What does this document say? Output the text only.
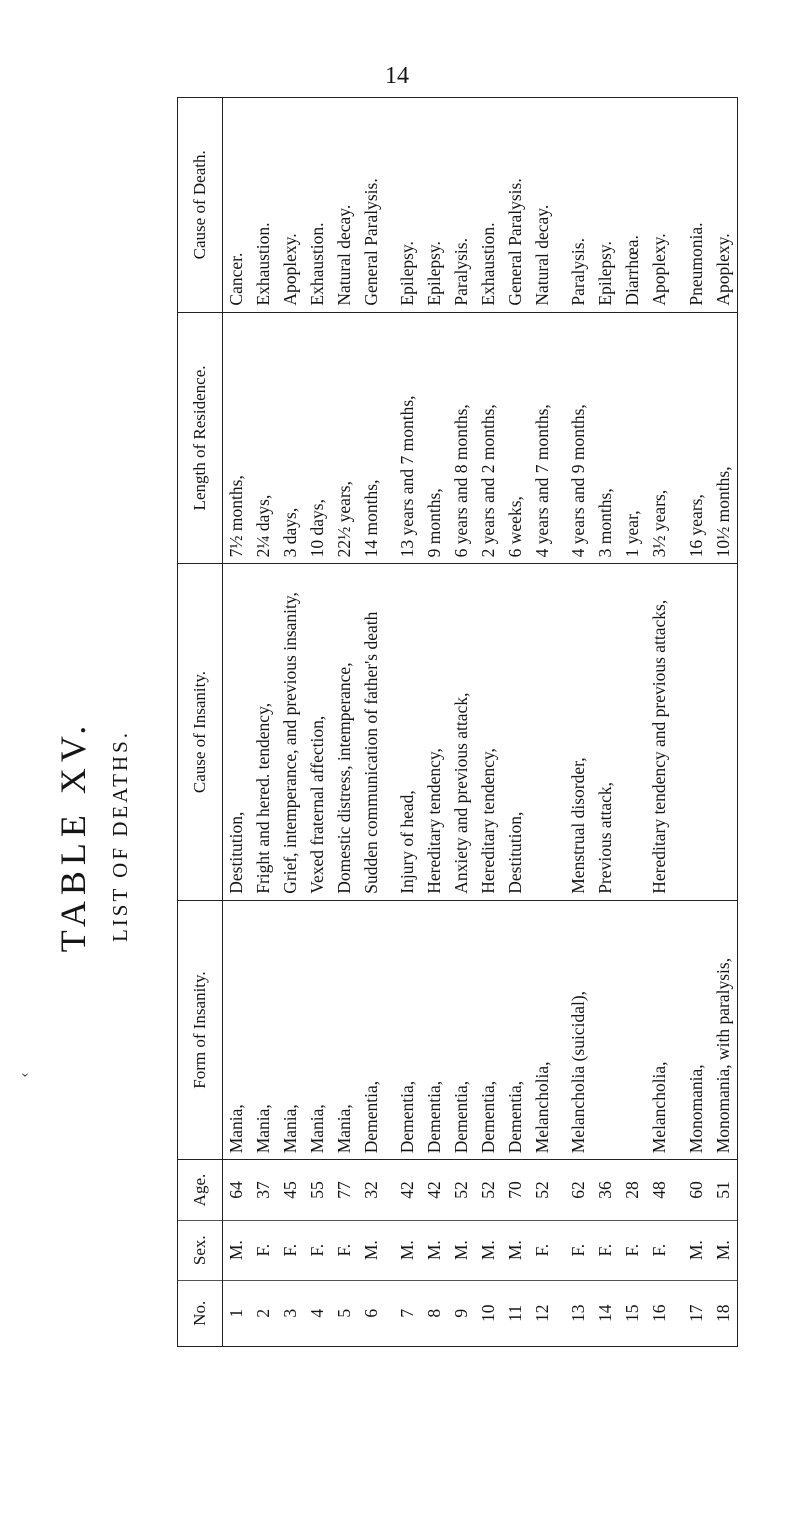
14
TABLE XV. LIST OF DEATHS.
No.	Sex.	Age.	Form of Insanity.	Cause of Insanity.	Length of Residence.	Cause of Death.
1	M.	64	Mania,	Destitution,	7½ months,	Cancer.
2	F.	37	Mania,	Fright and hered. tendency,	2¼ days,	Exhaustion.
3	F.	45	Mania,	Grief, intemperance, and previous insanity,	3 days,	Apoplexy.
4	F.	55	Mania,	Vexed fraternal affection,	10 days,	Exhaustion.
5	F.	77	Mania,	Domestic distress, intemperance,	22½ years,	Natural decay.
6	M.	32	Dementia,	Sudden communication of father's death	14 months,	General Paralysis.

7	M.	42	Dementia,	Injury of head,	13 years and 7 months,	Epilepsy.
8	M.	42	Dementia,	Hereditary tendency,	9 months,	Epilepsy.
9	M.	52	Dementia,	Anxiety and previous attack,	6 years and 8 months,	Paralysis.
10	M.	52	Dementia,	Hereditary tendency,	2 years and 2 months,	Exhaustion.
11	M.	70	Dementia,	Destitution,	6 weeks,	General Paralysis.
12	F.	52	Melancholia,		4 years and 7 months,	Natural decay.

13	F.	62	Melancholia (suicidal),	Menstrual disorder,	4 years and 9 months,	Paralysis.
14	F.	36		Previous attack,	3 months,	Epilepsy.
15	F.	28			1 year,	Diarrhœa.
16	F.	48	Melancholia,	Hereditary tendency and previous attacks,	3½ years,	Apoplexy.

17	M.	60	Monomania,		16 years,	Pneumonia.
18	M.	51	Monomania, with paralysis,		10½ months,	Apoplexy.
‹
